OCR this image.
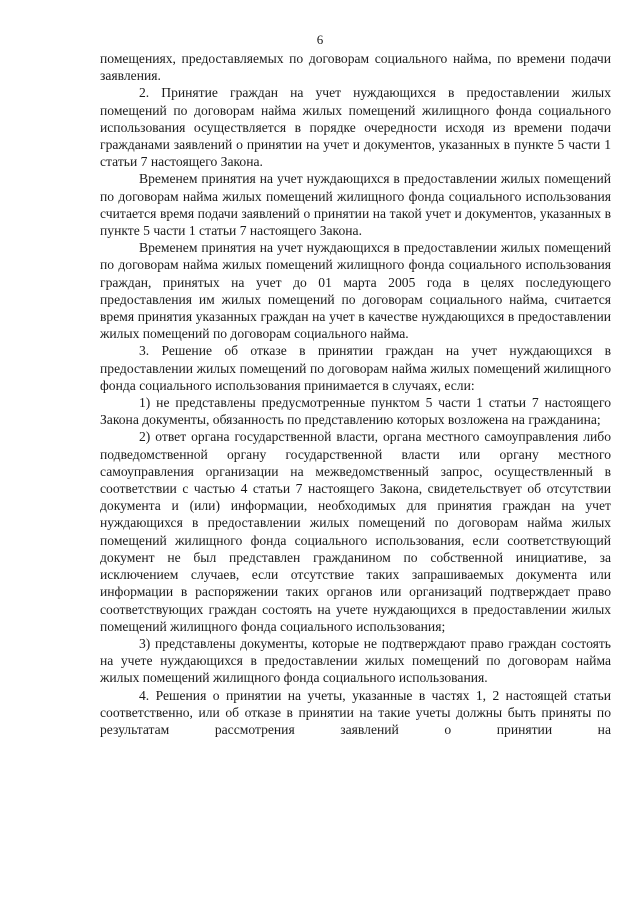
6

помещениях, предоставляемых по договорам социального найма, по времени подачи заявления.

2. Принятие граждан на учет нуждающихся в предоставлении жилых помещений по договорам найма жилых помещений жилищного фонда социального использования осуществляется в порядке очередности исходя из времени подачи гражданами заявлений о принятии на учет и документов, указанных в пункте 5 части 1 статьи 7 настоящего Закона.

Временем принятия на учет нуждающихся в предоставлении жилых помещений по договорам найма жилых помещений жилищного фонда социального использования считается время подачи заявлений о принятии на такой учет и документов, указанных в пункте 5 части 1 статьи 7 настоящего Закона.

Временем принятия на учет нуждающихся в предоставлении жилых помещений по договорам найма жилых помещений жилищного фонда социального использования граждан, принятых на учет до 01 марта 2005 года в целях последующего предоставления им жилых помещений по договорам социального найма, считается время принятия указанных граждан на учет в качестве нуждающихся в предоставлении жилых помещений по договорам социального найма.

3. Решение об отказе в принятии граждан на учет нуждающихся в предоставлении жилых помещений по договорам найма жилых помещений жилищного фонда социального использования принимается в случаях, если:

1) не представлены предусмотренные пунктом 5 части 1 статьи 7 настоящего Закона документы, обязанность по представлению которых возложена на гражданина;

2) ответ органа государственной власти, органа местного самоуправления либо подведомственной органу государственной власти или органу местного самоуправления организации на межведомственный запрос, осуществленный в соответствии с частью 4 статьи 7 настоящего Закона, свидетельствует об отсутствии документа и (или) информации, необходимых для принятия граждан на учет нуждающихся в предоставлении жилых помещений по договорам найма жилых помещений жилищного фонда социального использования, если соответствующий документ не был представлен гражданином по собственной инициативе, за исключением случаев, если отсутствие таких запрашиваемых документа или информации в распоряжении таких органов или организаций подтверждает право соответствующих граждан состоять на учете нуждающихся в предоставлении жилых помещений жилищного фонда социального использования;

3) представлены документы, которые не подтверждают право граждан состоять на учете нуждающихся в предоставлении жилых помещений по договорам найма жилых помещений жилищного фонда социального использования.

4. Решения о принятии на учеты, указанные в частях 1, 2 настоящей статьи соответственно, или об отказе в принятии на такие учеты должны быть приняты по результатам рассмотрения заявлений о принятии на
